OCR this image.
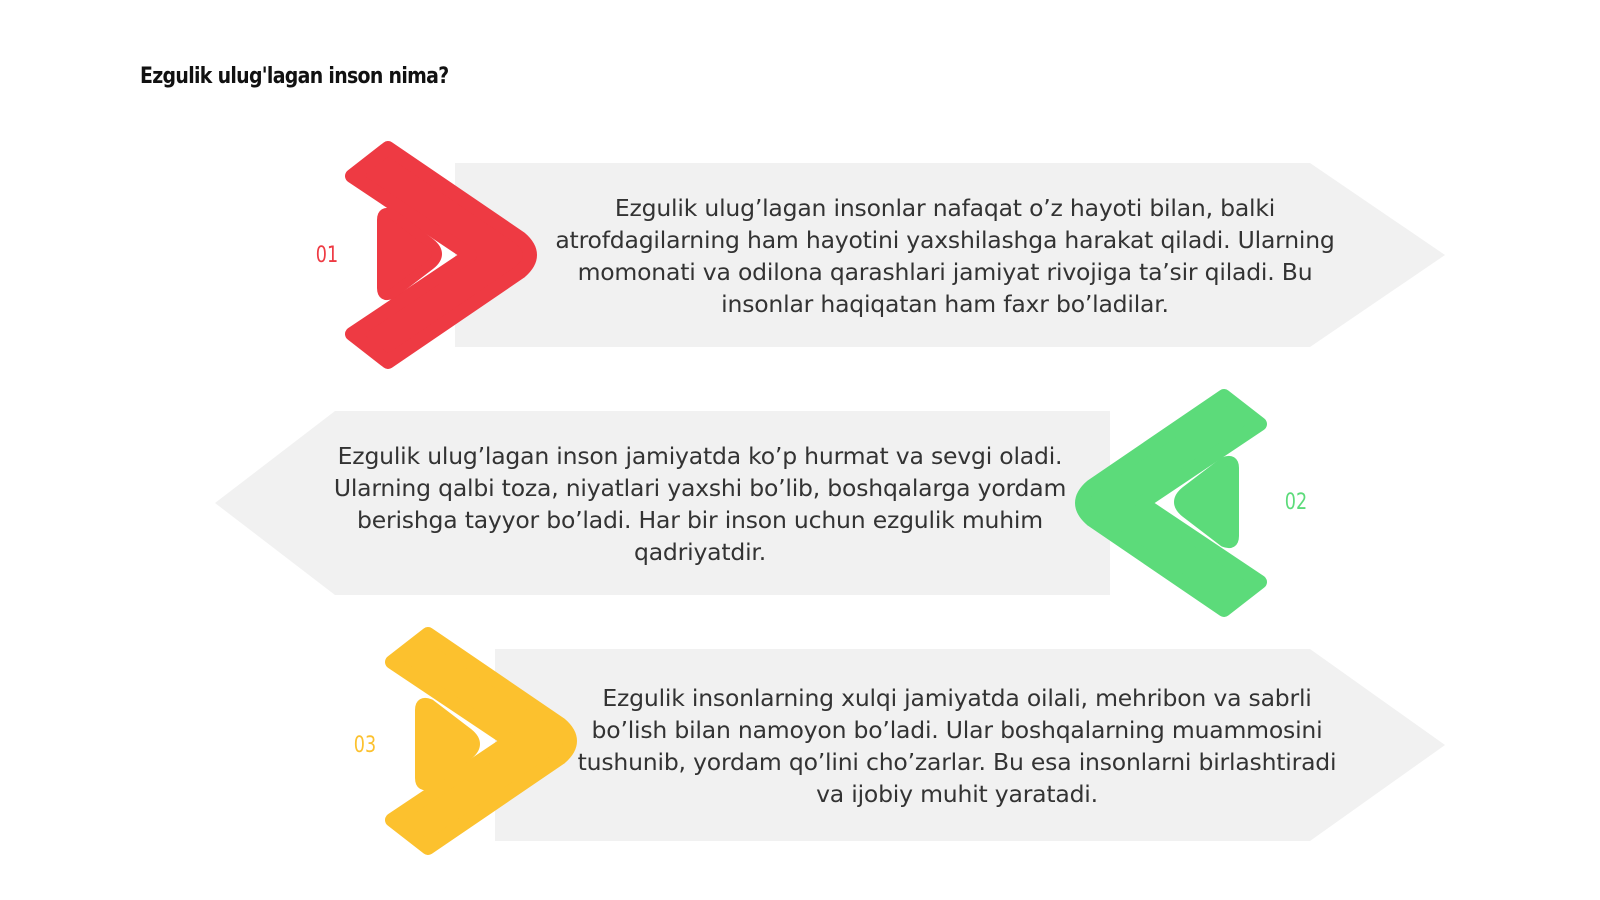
Ezgulik ulug'lagan inson nima?
01
02
03
Ezgulik ulug’lagan insonlar nafaqat o’z hayoti bilan, balki atrofdagilarning ham hayotini yaxshilashga harakat qiladi. Ularning momonati va odilona qarashlari jamiyat rivojiga ta’sir qiladi. Bu insonlar haqiqatan ham faxr bo’ladilar.
Ezgulik ulug’lagan inson jamiyatda ko’p hurmat va sevgi oladi. Ularning qalbi toza, niyatlari yaxshi bo’lib, boshqalarga yordam berishga tayyor bo’ladi. Har bir inson uchun ezgulik muhim qadriyatdir.
Ezgulik insonlarning xulqi jamiyatda oilali, mehribon va sabrli bo’lish bilan namoyon bo’ladi. Ular boshqalarning muammosini tushunib, yordam qo’lini cho’zarlar. Bu esa insonlarni birlashtiradi va ijobiy muhit yaratadi.
